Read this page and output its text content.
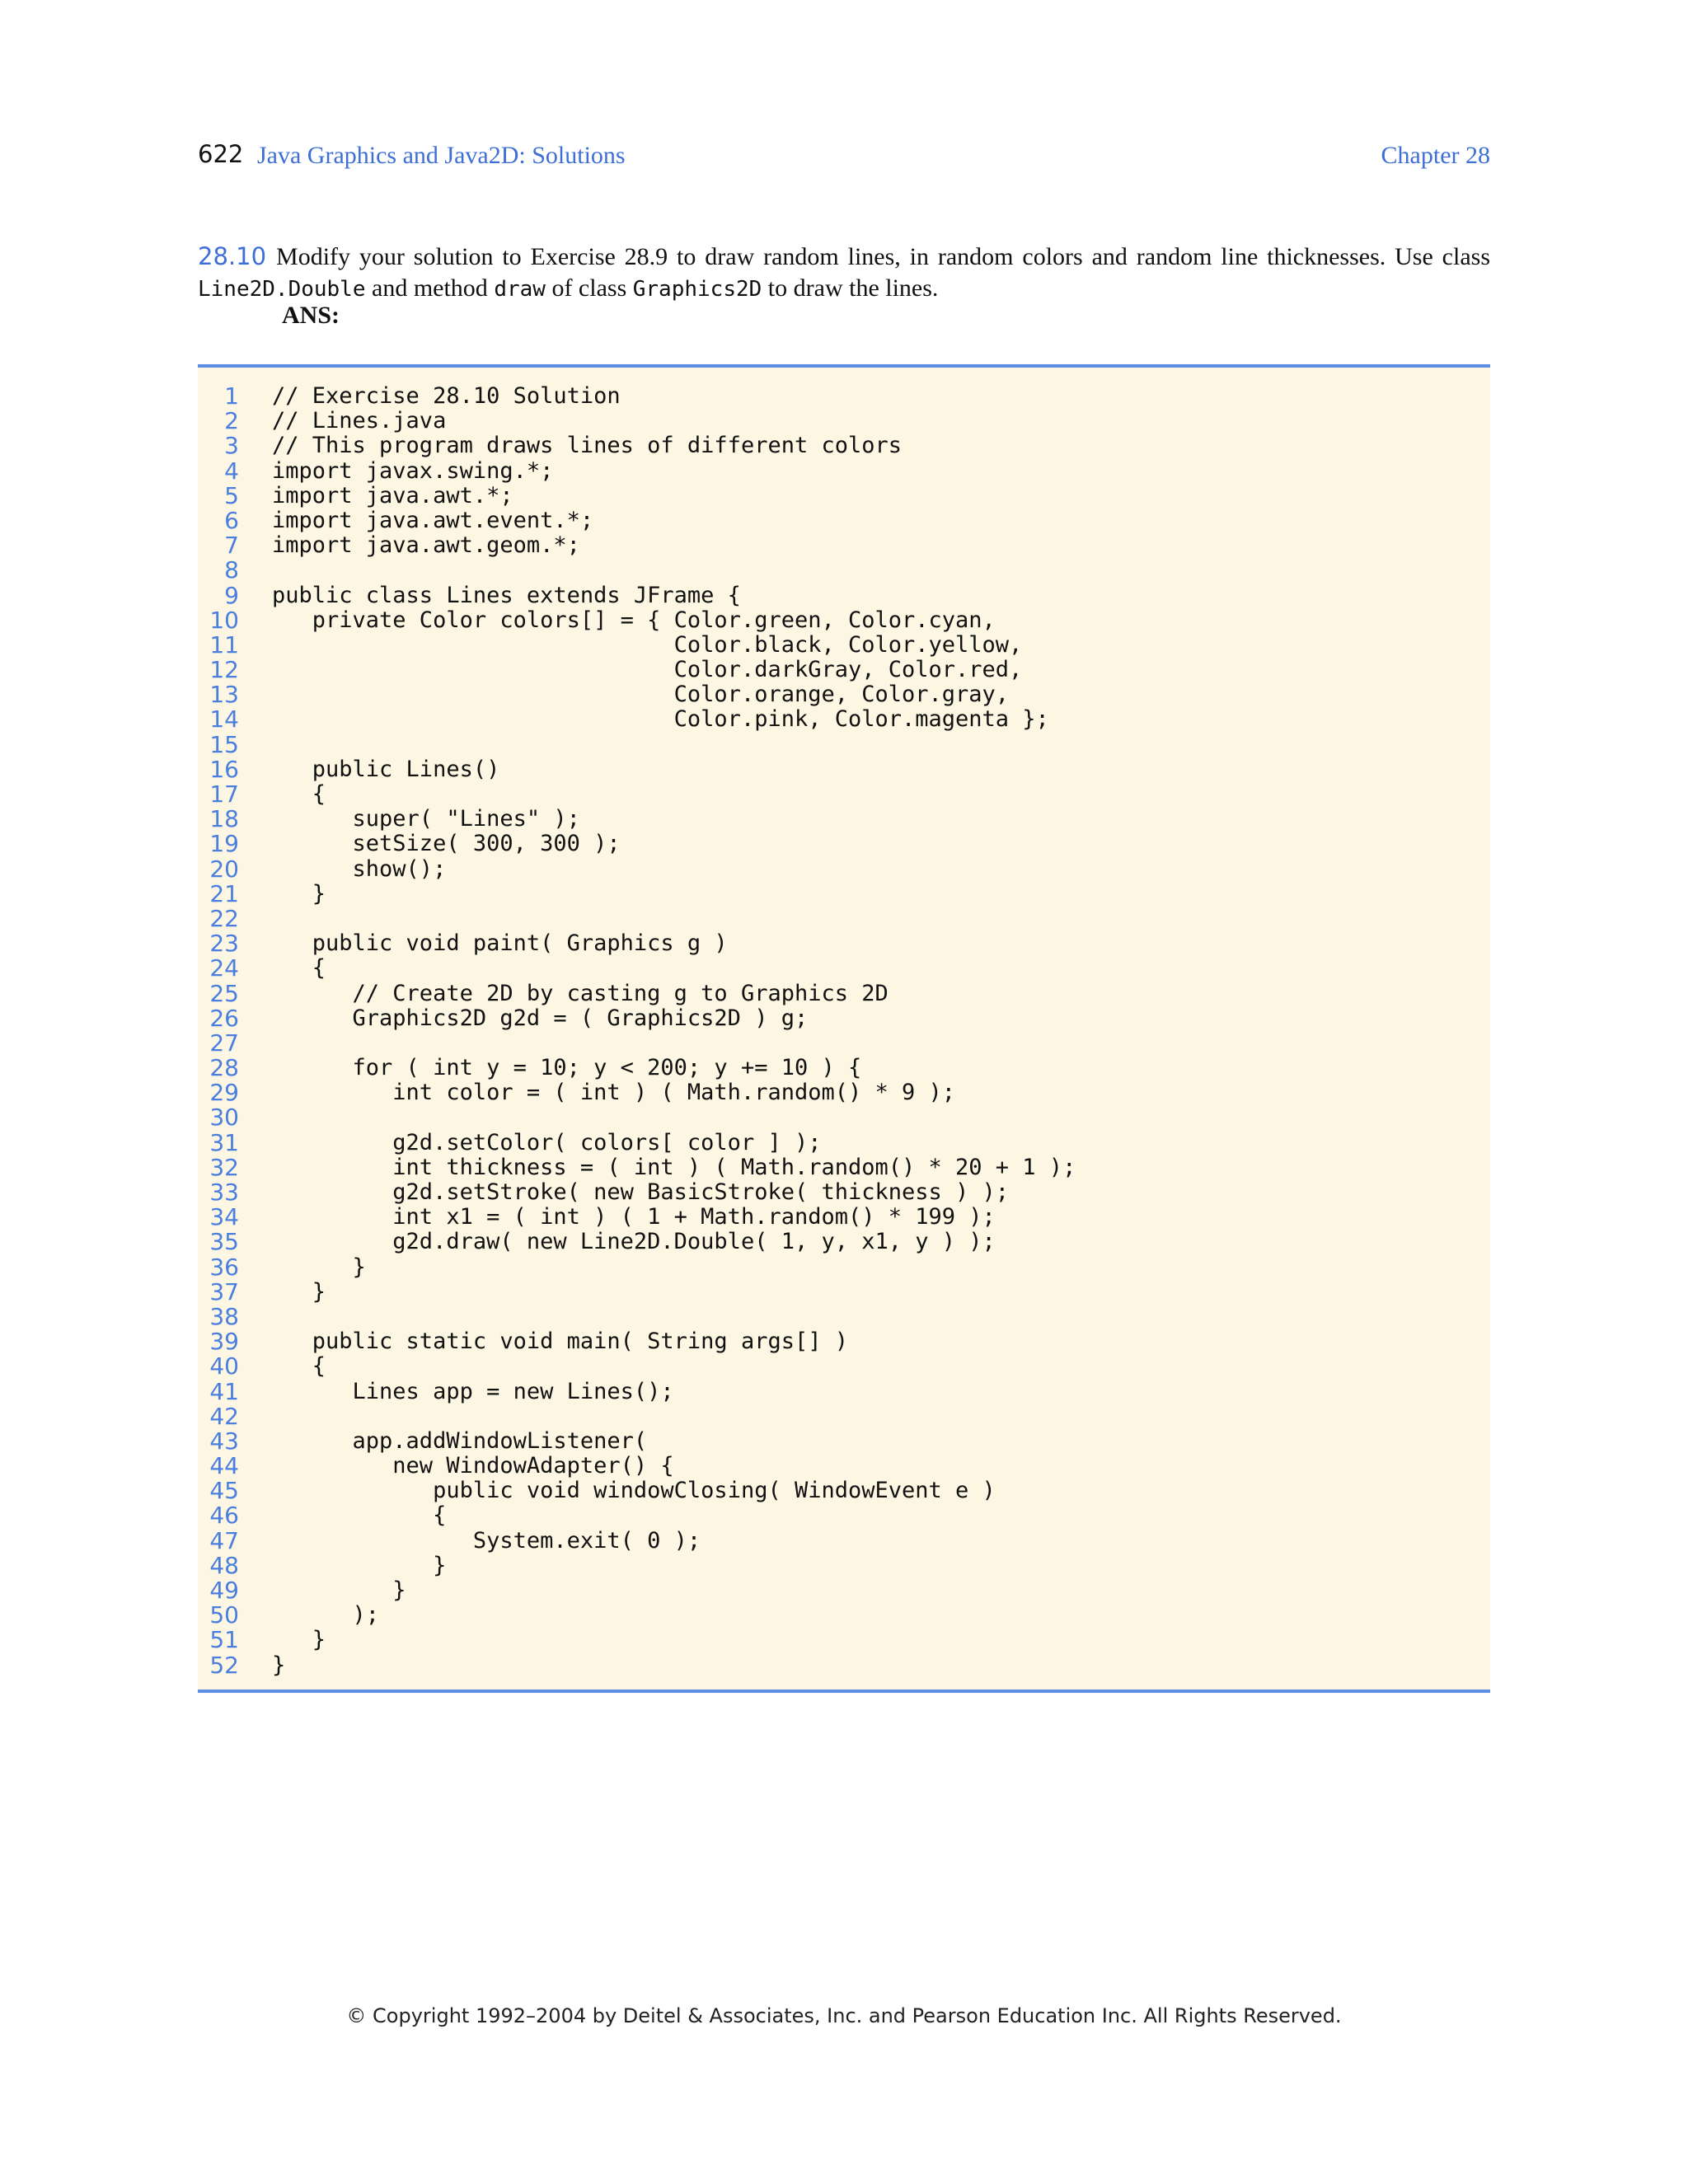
622 Java Graphics and Java2D: Solutions	Chapter 28
28.10 Modify your solution to Exercise 28.9 to draw random lines, in random colors and random line thicknesses. Use class Line2D.Double and method draw of class Graphics2D to draw the lines.
ANS:
1 // Exercise 28.10 Solution
2 // Lines.java
3 // This program draws lines of different colors
4 import javax.swing.*;
5 import java.awt.*;
6 import java.awt.event.*;
7 import java.awt.geom.*;
8
9 public class Lines extends JFrame {
10 private Color colors[] = { Color.green, Color.cyan,
11 Color.black, Color.yellow,
12 Color.darkGray, Color.red,
13 Color.orange, Color.gray,
14 Color.pink, Color.magenta };
15
16 public Lines()
17 {
18 super( "Lines" );
19 setSize( 300, 300 );
20 show();
21 }
22
23 public void paint( Graphics g )
24 {
25 // Create 2D by casting g to Graphics 2D
26 Graphics2D g2d = ( Graphics2D ) g;
27
28 for ( int y = 10; y < 200; y += 10 ) {
29 int color = ( int ) ( Math.random() * 9 );
30
31 g2d.setColor( colors[ color ] );
32 int thickness = ( int ) ( Math.random() * 20 + 1 );
33 g2d.setStroke( new BasicStroke( thickness ) );
34 int x1 = ( int ) ( 1 + Math.random() * 199 );
35 g2d.draw( new Line2D.Double( 1, y, x1, y ) );
36 }
37 }
38
39 public static void main( String args[] )
40 {
41 Lines app = new Lines();
42
43 app.addWindowListener(
44 new WindowAdapter() {
45 public void windowClosing( WindowEvent e )
46 {
47 System.exit( 0 );
48 }
49 }
50 );
51 }
52 }
© Copyright 1992–2004 by Deitel & Associates, Inc. and Pearson Education Inc. All Rights Reserved.
